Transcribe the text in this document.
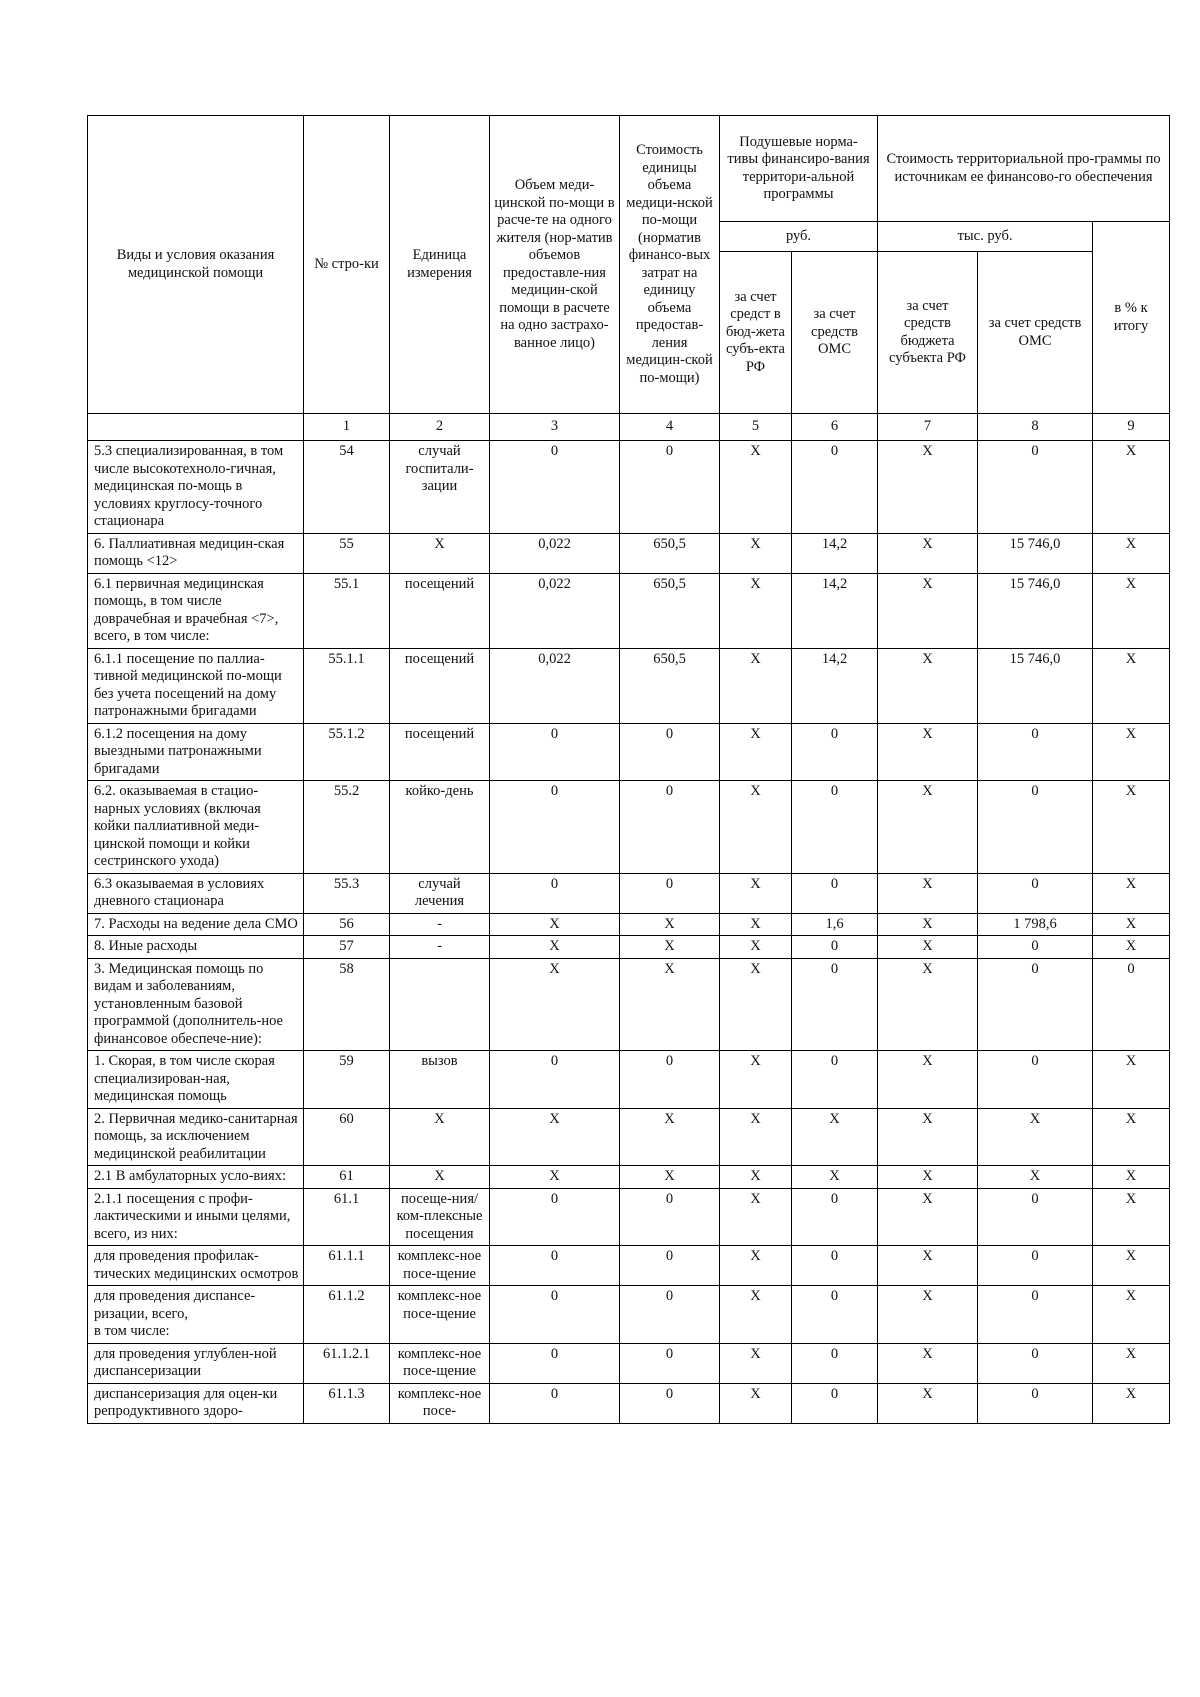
Виды и условия оказания медицинской помощи	№ стро-ки	Единица измерения	Объем меди-цинской по-мощи в расче-те на одного жителя (нор-матив объемов предоставле-ния медицин-ской помощи в расчете на одно застрахо-ванное лицо)	Стоимость единицы объема медици-нской по-мощи (норматив финансо-вых затрат на единицу объема предостав-ления медицин-ской по-мощи)	Подушевые норма-тивы финансиро-вания территори-альной программы		Стоимость территориальной про-граммы по источникам ее финансово-го обеспечения		
					руб.		тыс. руб.		в % к итогу
					за счет средст в бюд-жета субъ-екта РФ	за счет средств ОМС	за счет средств бюджета субъекта РФ	за счет средств ОМС	
	1	2	3	4	5	6	7	8	9
5.3 специализированная, в том числе высокотехноло-гичная, медицинская по-мощь в условиях круглосу-точного стационара	54	случай госпитали-зации	0	0	X	0	X	0	X
6. Паллиативная медицин-ская помощь <12>	55	X	0,022	650,5	X	14,2	X	15 746,0	X
6.1 первичная медицинская помощь, в том числе доврачебная и врачебная <7>, всего, в том числе:	55.1	посещений	0,022	650,5	X	14,2	X	15 746,0	X
6.1.1 посещение по паллиа-тивной медицинской по-мощи без учета посещений на дому патронажными бригадами	55.1.1	посещений	0,022	650,5	X	14,2	X	15 746,0	X
6.1.2 посещения на дому выездными патронажными бригадами	55.1.2	посещений	0	0	X	0	X	0	X
6.2. оказываемая в стацио-нарных условиях (включая койки паллиативной меди-цинской помощи и койки сестринского ухода)	55.2	койко-день	0	0	X	0	X	0	X
6.3 оказываемая в условиях дневного стационара	55.3	случай лечения	0	0	X	0	X	0	X
7. Расходы на ведение дела СМО	56	-	X	X	X	1,6	X	1 798,6	X
8. Иные расходы	57	-	X	X	X	0	X	0	X
3. Медицинская помощь по видам и заболеваниям, установленным базовой программой (дополнитель-ное финансовое обеспече-ние):	58		X	X	X	0	X	0	0
1. Скорая, в том числе скорая специализирован-ная, медицинская помощь	59	вызов	0	0	X	0	X	0	X
2. Первичная медико-санитарная помощь, за исключением медицинской реабилитации	60	X	X	X	X	X	X	X	X
2.1 В амбулаторных усло-виях:	61	X	X	X	X	X	X	X	X
2.1.1 посещения с профи-лактическими и иными целями, всего, из них:	61.1	посеще-ния/ ком-плексные посещения	0	0	X	0	X	0	X
для проведения профилак-тических медицинских осмотров	61.1.1	комплекс-ное посе-щение	0	0	X	0	X	0	X
для проведения диспансе-ризации, всего,
в том числе:	61.1.2	комплекс-ное посе-щение	0	0	X	0	X	0	X
для проведения углублен-ной диспансеризации	61.1.2.1	комплекс-ное посе-щение	0	0	X	0	X	0	X
диспансеризация для оцен-ки репродуктивного здоро-	61.1.3	комплекс-ное посе-	0	0	X	0	X	0	X
